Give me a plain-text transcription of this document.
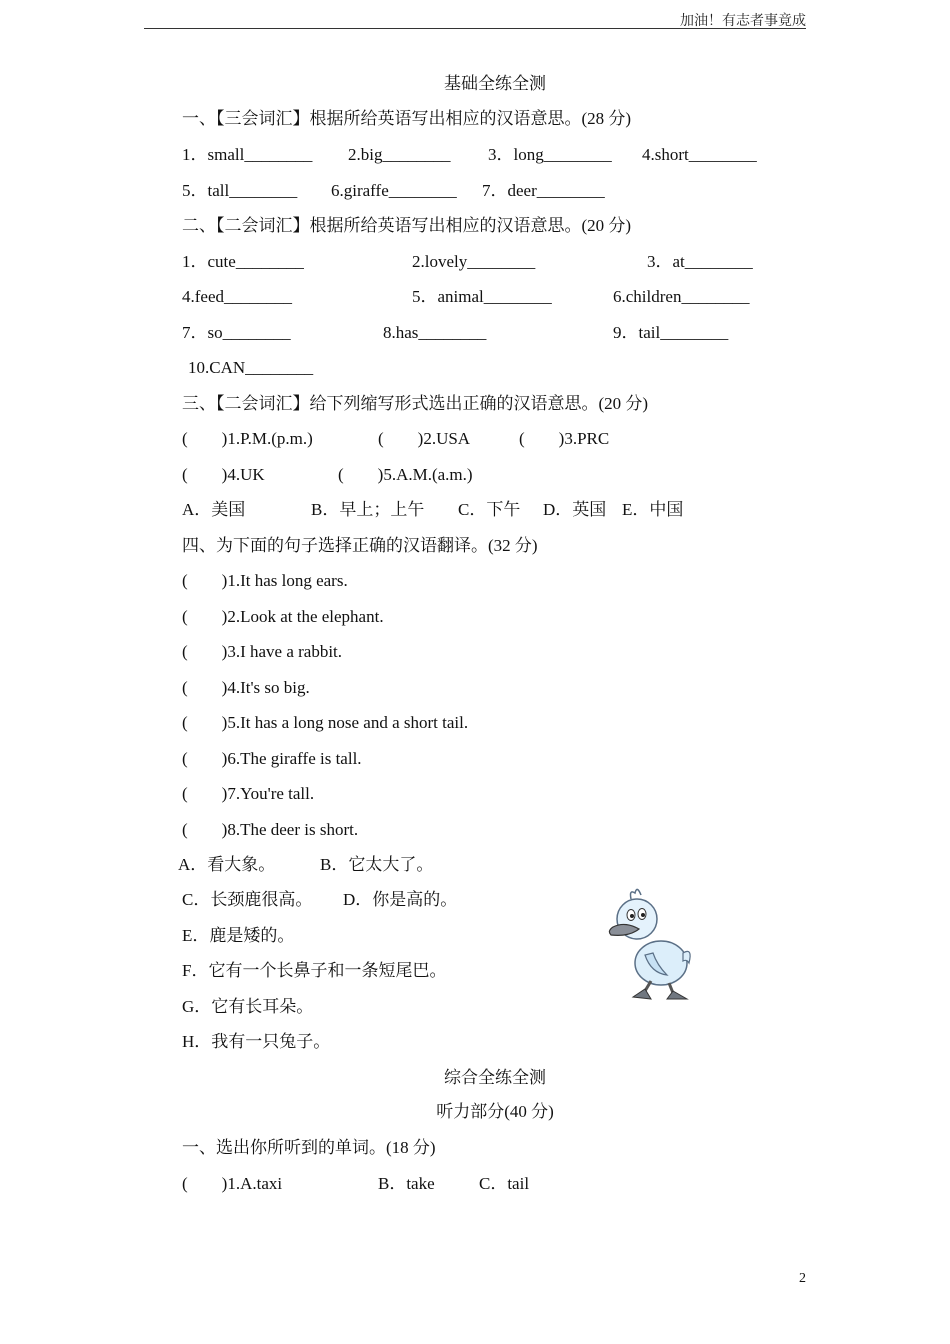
加油！有志者事竟成
基础全练全测
一、【三会词汇】根据所给英语写出相应的汉语意思。(28 分)
1．small________ 2.big________ 3．long________ 4.short________
5．tall________ 6.giraffe________ 7．deer________
二、【二会词汇】根据所给英语写出相应的汉语意思。(20 分)
1．cute________	2.lovely________	3．at________
4.feed________	5．animal________	6.children________
7．so________	8.has________	9．tail________
10.CAN________
三、【二会词汇】给下列缩写形式选出正确的汉语意思。(20 分)
(        )1.P.M.(p.m.)	(        )2.USA	(        )3.PRC
(        )4.UK	(        )5.A.M.(a.m.)
A．美国	B．早上；上午 C．下午 D．英国 E．中国
四、为下面的句子选择正确的汉语翻译。(32 分)
(        )1.It has long ears.
(        )2.Look at the elephant.
(        )3.I have a rabbit.
(        )4.It's so big.
(        )5.It has a long nose and a short tail.
(        )6.The giraffe is tall.
(        )7.You're tall.
(        )8.The deer is short.
A．看大象。	B．它太大了。
C．长颈鹿很高。 D．你是高的。
E．鹿是矮的。
F．它有一个长鼻子和一条短尾巴。
G．它有长耳朵。
H．我有一只兔子。
综合全练全测
听力部分(40 分)
一、选出你所听到的单词。(18 分)
(        )1.A.taxi	B．take	C．tail
2
